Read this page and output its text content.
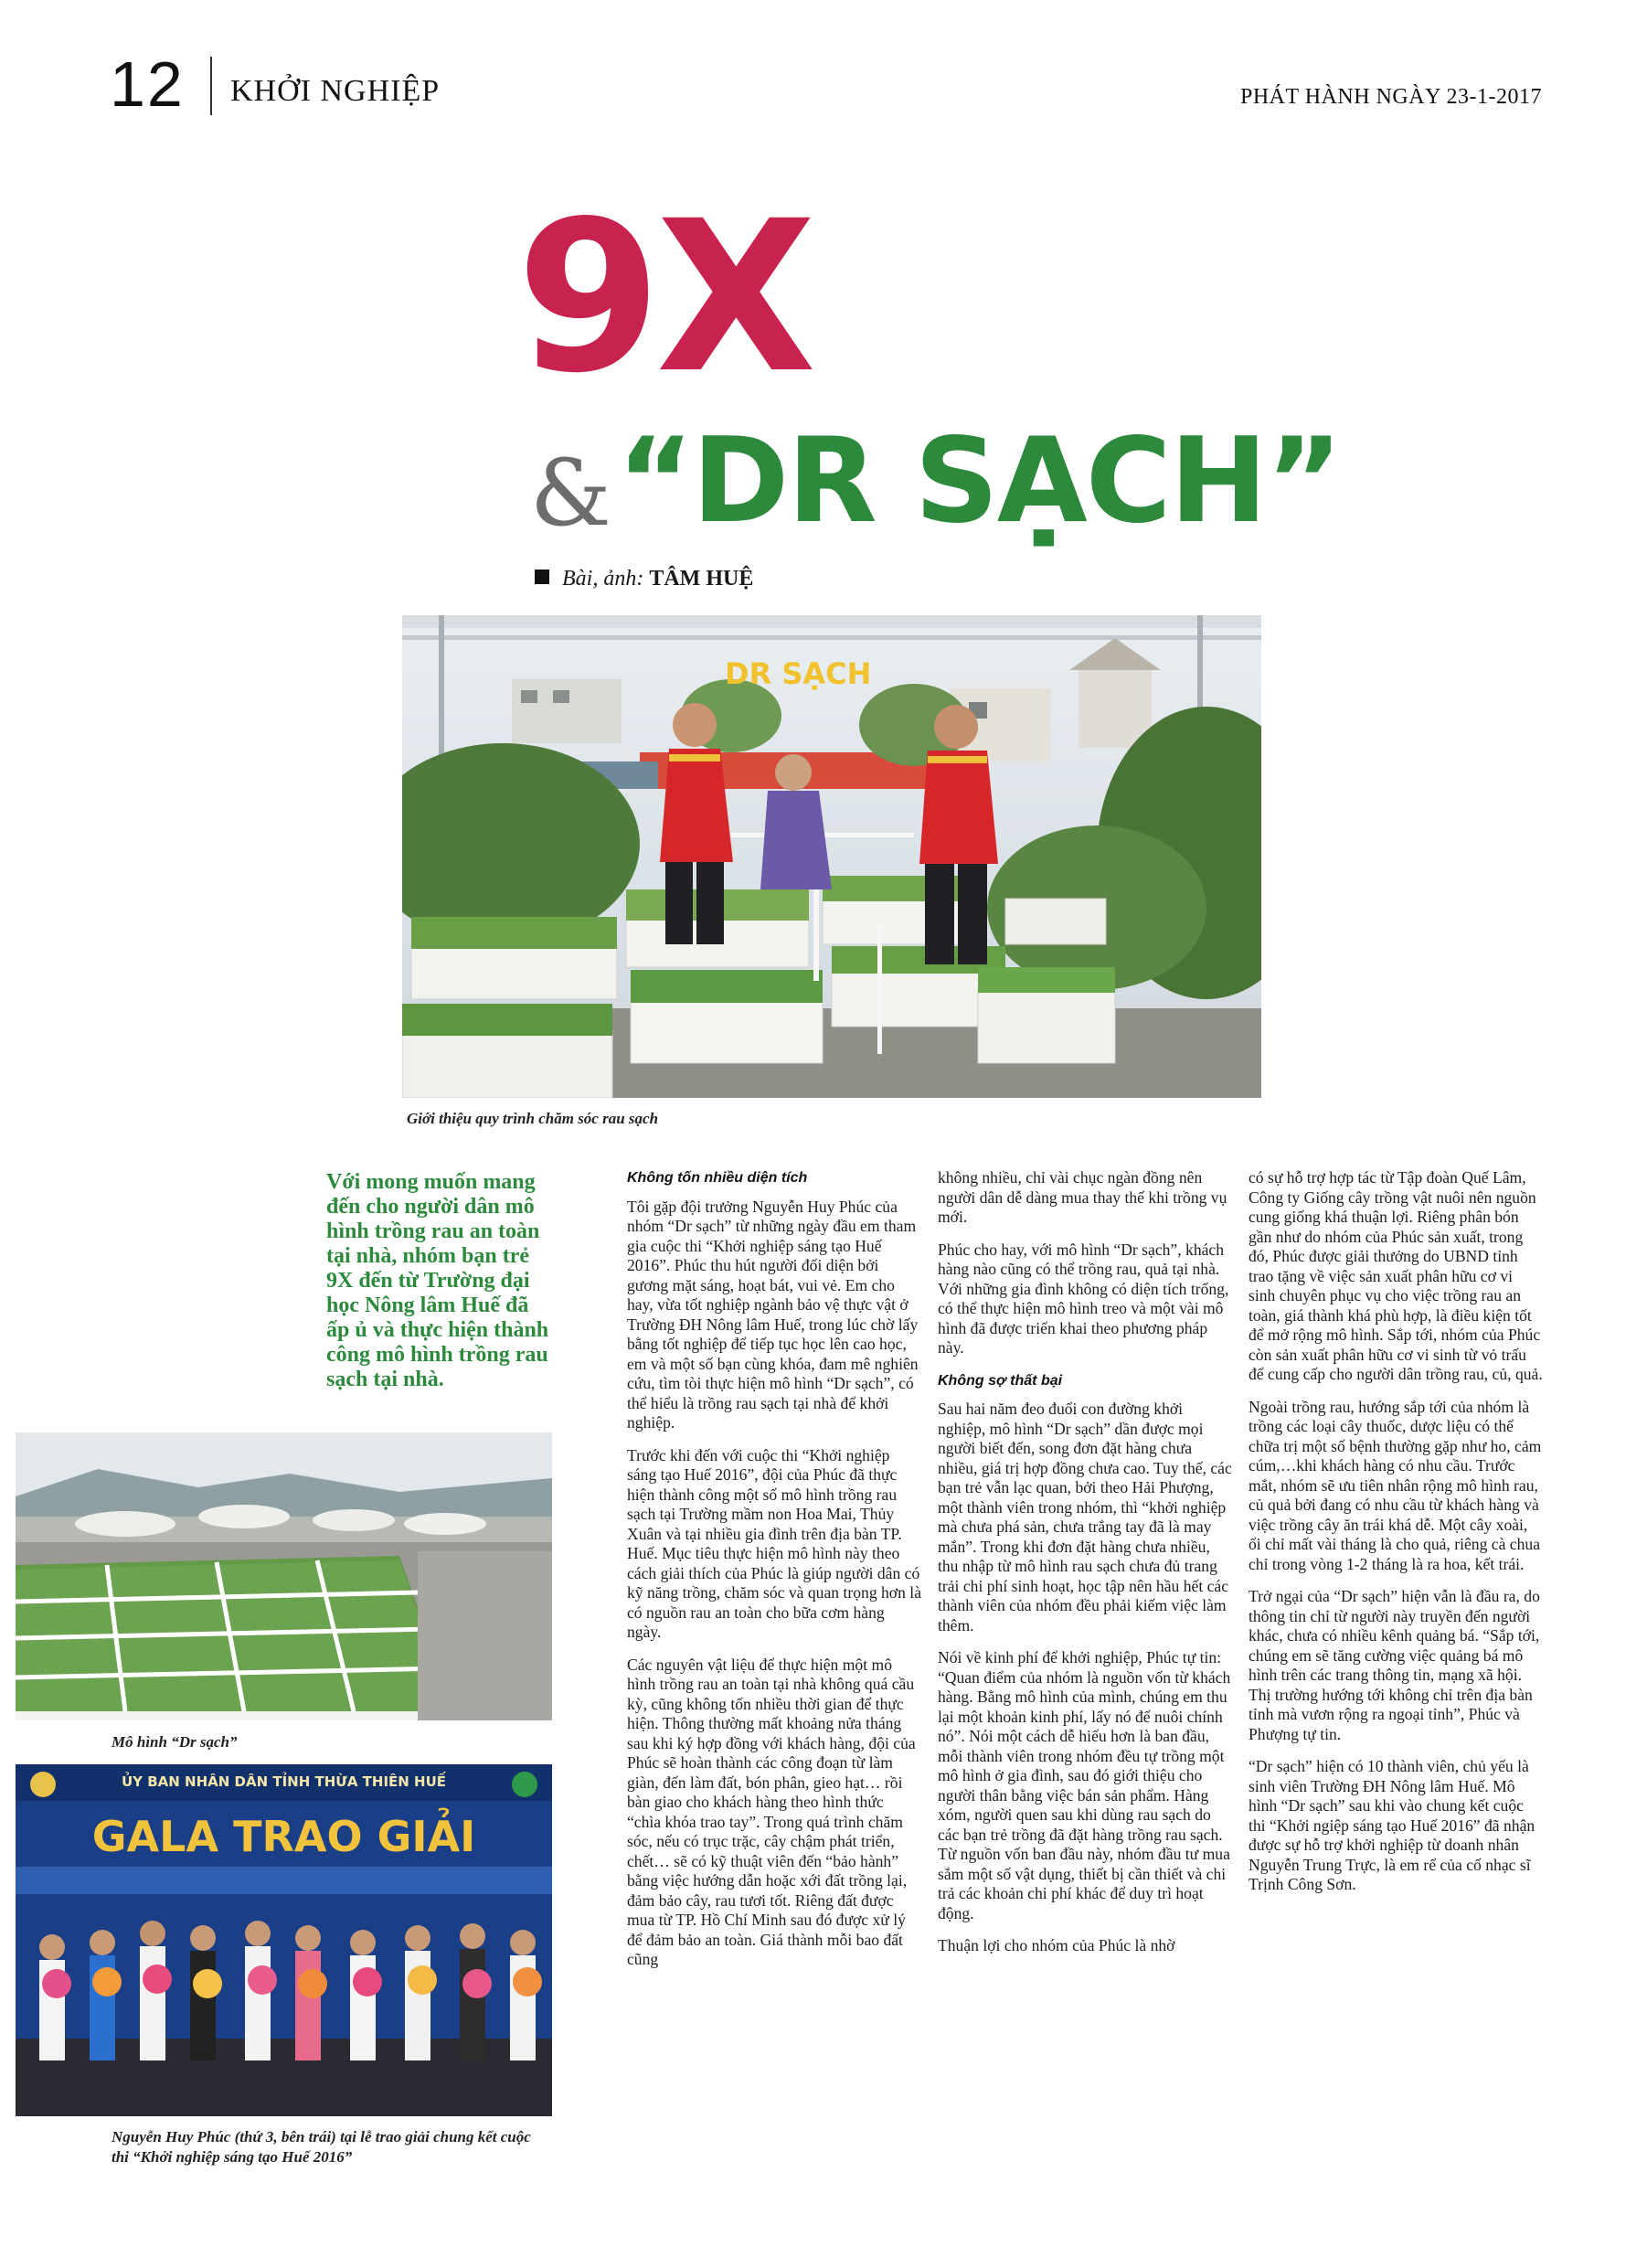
12 KHỞI NGHIỆP	PHÁT HÀNH NGÀY 23-1-2017
9X
& “DR SẠCH”
Bài, ảnh: TÂM HUỆ
DR SẠCH
Giới thiệu quy trình chăm sóc rau sạch
Mô hình “Dr sạch”
ỦY BAN NHÂN DÂN TỈNH THỪA THIÊN HUẾ
GALA TRAO GIẢI
Nguyễn Huy Phúc (thứ 3, bên trái) tại lễ trao giải chung kết cuộc thi “Khởi nghiệp sáng tạo Huế 2016”
Với mong muốn mang đến cho người dân mô hình trồng rau an toàn tại nhà, nhóm bạn trẻ 9X đến từ Trường đại học Nông lâm Huế đã ấp ủ và thực hiện thành công mô hình trồng rau sạch tại nhà.
Không tốn nhiều diện tích

Tôi gặp đội trưởng Nguyễn Huy Phúc của nhóm “Dr sạch” từ những ngày đầu em tham gia cuộc thi “Khởi nghiệp sáng tạo Huế 2016”. Phúc thu hút người đối diện bởi gương mặt sáng, hoạt bát, vui vẻ. Em cho hay, vừa tốt nghiệp ngành bảo vệ thực vật ở Trường ĐH Nông lâm Huế, trong lúc chờ lấy bằng tốt nghiệp để tiếp tục học lên cao học, em và một số bạn cùng khóa, đam mê nghiên cứu, tìm tòi thực hiện mô hình “Dr sạch”, có thể hiểu là trồng rau sạch tại nhà để khởi nghiệp.

Trước khi đến với cuộc thi “Khởi nghiệp sáng tạo Huế 2016”, đội của Phúc đã thực hiện thành công một số mô hình trồng rau sạch tại Trường mầm non Hoa Mai, Thủy Xuân và tại nhiều gia đình trên địa bàn TP. Huế. Mục tiêu thực hiện mô hình này theo cách giải thích của Phúc là giúp người dân có kỹ năng trồng, chăm sóc và quan trọng hơn là có nguồn rau an toàn cho bữa cơm hàng ngày.

Các nguyên vật liệu để thực hiện một mô hình trồng rau an toàn tại nhà không quá cầu kỳ, cũng không tốn nhiều thời gian để thực hiện. Thông thường mất khoảng nửa tháng sau khi ký hợp đồng với khách hàng, đội của Phúc sẽ hoàn thành các công đoạn từ làm giàn, đến làm đất, bón phân, gieo hạt… rồi bàn giao cho khách hàng theo hình thức “chìa khóa trao tay”. Trong quá trình chăm sóc, nếu có trục trặc, cây chậm phát triển, chết… sẽ có kỹ thuật viên đến “bảo hành” bằng việc hướng dẫn hoặc xới đất trồng lại, đảm bảo cây, rau tươi tốt. Riêng đất được mua từ TP. Hồ Chí Minh sau đó được xử lý để đảm bảo an toàn. Giá thành mỗi bao đất cũng

không nhiều, chỉ vài chục ngàn đồng nên người dân dễ dàng mua thay thế khi trồng vụ mới.

Phúc cho hay, với mô hình “Dr sạch”, khách hàng nào cũng có thể trồng rau, quả tại nhà. Với những gia đình không có diện tích trống, có thể thực hiện mô hình treo và một vài mô hình đã được triển khai theo phương pháp này.

Không sợ thất bại

Sau hai năm đeo đuổi con đường khởi nghiệp, mô hình “Dr sạch” dần được mọi người biết đến, song đơn đặt hàng chưa nhiều, giá trị hợp đồng chưa cao. Tuy thế, các bạn trẻ vẫn lạc quan, bởi theo Hải Phượng, một thành viên trong nhóm, thì “khởi nghiệp mà chưa phá sản, chưa trắng tay đã là may mắn”. Trong khi đơn đặt hàng chưa nhiều, thu nhập từ mô hình rau sạch chưa đủ trang trải chi phí sinh hoạt, học tập nên hầu hết các thành viên của nhóm đều phải kiếm việc làm thêm.

Nói về kinh phí để khởi nghiệp, Phúc tự tin: “Quan điểm của nhóm là nguồn vốn từ khách hàng. Bằng mô hình của mình, chúng em thu lại một khoản kinh phí, lấy nó để nuôi chính nó”. Nói một cách dễ hiểu hơn là ban đầu, mỗi thành viên trong nhóm đều tự trồng một mô hình ở gia đình, sau đó giới thiệu cho người thân bằng việc bán sản phẩm. Hàng xóm, người quen sau khi dùng rau sạch do các bạn trẻ trồng đã đặt hàng trồng rau sạch. Từ nguồn vốn ban đầu này, nhóm đầu tư mua sắm một số vật dụng, thiết bị cần thiết và chi trả các khoản chi phí khác để duy trì hoạt động.

Thuận lợi cho nhóm của Phúc là nhờ

có sự hỗ trợ hợp tác từ Tập đoàn Quế Lâm, Công ty Giống cây trồng vật nuôi nên nguồn cung giống khá thuận lợi. Riêng phân bón gần như do nhóm của Phúc sản xuất, trong đó, Phúc được giải thưởng do UBND tỉnh trao tặng về việc sản xuất phân hữu cơ vi sinh chuyên phục vụ cho việc trồng rau an toàn, giá thành khá phù hợp, là điều kiện tốt để mở rộng mô hình. Sắp tới, nhóm của Phúc còn sản xuất phân hữu cơ vi sinh từ vỏ trấu để cung cấp cho người dân trồng rau, củ, quả.

Ngoài trồng rau, hướng sắp tới của nhóm là trồng các loại cây thuốc, dược liệu có thể chữa trị một số bệnh thường gặp như ho, cảm cúm,…khi khách hàng có nhu cầu. Trước mắt, nhóm sẽ ưu tiên nhân rộng mô hình rau, củ quả bởi đang có nhu cầu từ khách hàng và việc trồng cây ăn trái khá dễ. Một cây xoài, ổi chỉ mất vài tháng là cho quả, riêng cà chua chỉ trong vòng 1-2 tháng là ra hoa, kết trái.

Trở ngại của “Dr sạch” hiện vẫn là đầu ra, do thông tin chỉ từ người này truyền đến người khác, chưa có nhiều kênh quảng bá. “Sắp tới, chúng em sẽ tăng cường việc quảng bá mô hình trên các trang thông tin, mạng xã hội. Thị trường hướng tới không chỉ trên địa bàn tỉnh mà vươn rộng ra ngoại tỉnh”, Phúc và Phượng tự tin.

“Dr sạch” hiện có 10 thành viên, chủ yếu là sinh viên Trường ĐH Nông lâm Huế. Mô hình “Dr sạch” sau khi vào chung kết cuộc thi “Khởi ngiệp sáng tạo Huế 2016” đã nhận được sự hỗ trợ khởi nghiệp từ doanh nhân Nguyễn Trung Trực, là em rể của cố nhạc sĩ Trịnh Công Sơn.
